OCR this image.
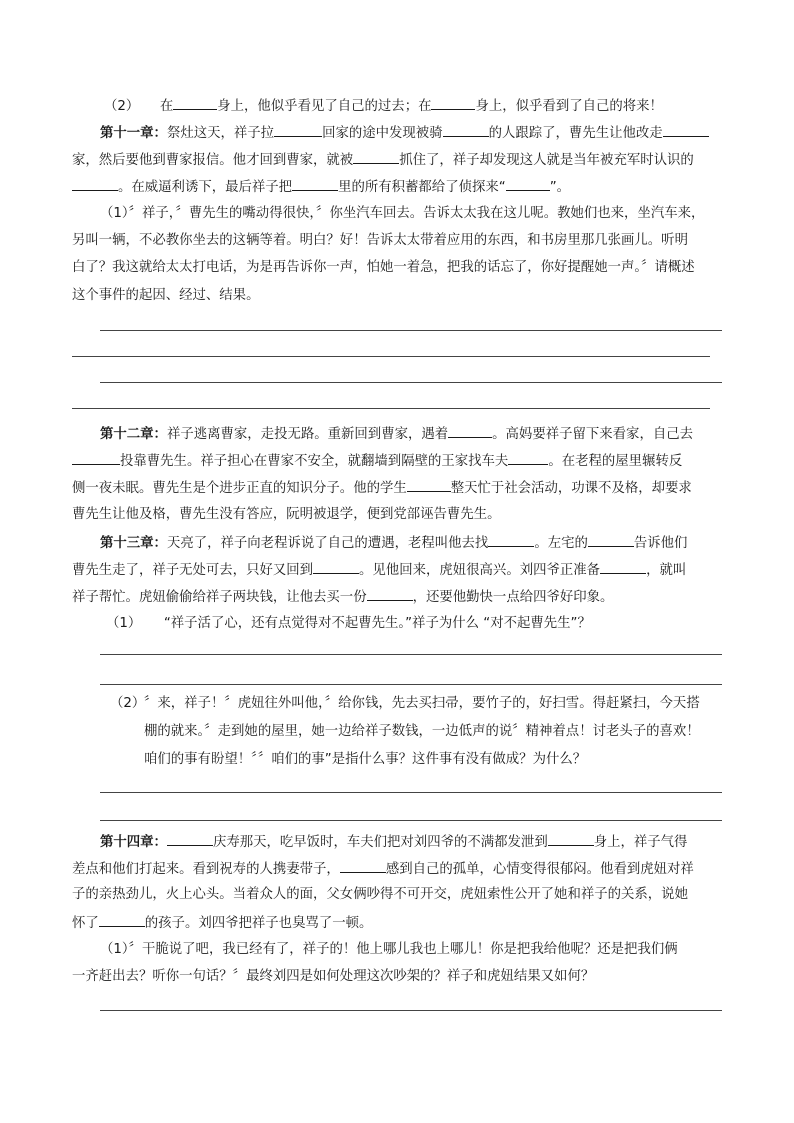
（2） 在	身上，他似乎看见了自己的过去；在	身上，似乎看到了自己的将来！
第十一章：祭灶这天，祥子拉	回家的途中发现被骑	的人跟踪了，曹先生让他改走
家，然后要他到曹家报信。他才回到曹家，就被	抓住了，祥子却发现这人就是当年被充军时认识的
。在威逼利诱下，最后祥子把	里的所有积蓄都给了侦探来“	”。
（1）〞祥子，〞曹先生的嘴动得很快，〞你坐汽车回去。告诉太太我在这儿呢。教她们也来，坐汽车来，
另叫一辆，不必教你坐去的这辆等着。明白？好！告诉太太带着应用的东西，和书房里那几张画儿。听明
白了？我这就给太太打电话，为是再告诉你一声，怕她一着急，把我的话忘了，你好提醒她一声。〞请概述
这个事件的起因、经过、结果。
第十二章：祥子逃离曹家，走投无路。重新回到曹家，遇着	。高妈要祥子留下来看家，自己去
投靠曹先生。祥子担心在曹家不安全，就翻墙到隔壁的王家找车夫	。在老程的屋里辗转反
侧一夜未眠。曹先生是个进步正直的知识分子。他的学生	整天忙于社会活动，功课不及格，却要求
曹先生让他及格，曹先生没有答应，阮明被退学，便到党部诬告曹先生。
第十三章：天亮了，祥子向老程诉说了自己的遭遇，老程叫他去找	。左宅的	告诉他们
曹先生走了，祥子无处可去，只好又回到	。见他回来，虎妞很高兴。刘四爷正准备	，就叫
祥子帮忙。虎妞偷偷给祥子两块钱，让他去买一份	，还要他勤快一点给四爷好印象。
（1） “祥子活了心，还有点觉得对不起曹先生。”祥子为什么 “对不起曹先生”？
（2）
〞来，祥子！〞虎妞往外叫他，〞给你钱，先去买扫帚，要竹子的，好扫雪。得赶紧扫，今天搭
棚的就来。〞走到她的屋里，她一边给祥子数钱，一边低声的说〞精神着点！讨老头子的喜欢！
咱们的事有盼望！〞〞咱们的事”是指什么事？这件事有没有做成？为什么？
第十四章：	庆寿那天，吃早饭时，车夫们把对刘四爷的不满都发泄到	身上，祥子气得
差点和他们打起来。看到祝寿的人携妻带子，	感到自己的孤单，心情变得很郁闷。他看到虎妞对祥
子的亲热劲儿，火上心头。当着众人的面，父女俩吵得不可开交，虎妞索性公开了她和祥子的关系，说她
怀了	的孩子。刘四爷把祥子也臭骂了一顿。
（1）〞干脆说了吧，我已经有了，祥子的！他上哪儿我也上哪儿！你是把我给他呢？还是把我们俩
一齐赶出去？听你一句话？〞最终刘四是如何处理这次吵架的？祥子和虎妞结果又如何？
